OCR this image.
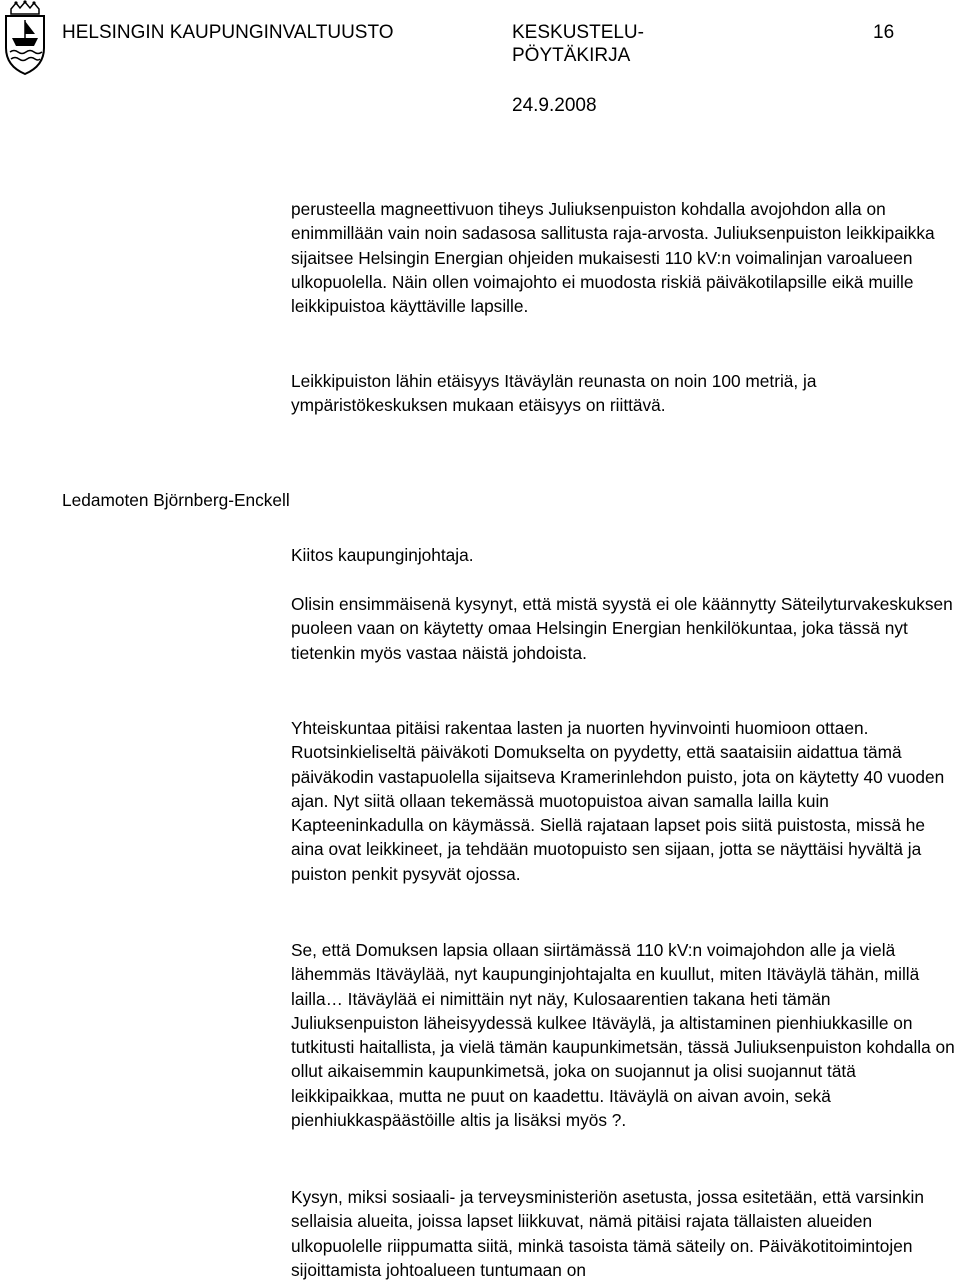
HELSINGIN KAUPUNGINVALTUUSTO	KESKUSTELU-PÖYTÄKIRJA
16
24.9.2008

perusteella magneettivuon tiheys Juliuksenpuiston kohdalla avojohdon alla on enimmillään vain noin sadasosa sallitusta raja-arvosta. Juliuksenpuiston leikkipaikka sijaitsee Helsingin Energian ohjeiden mukaisesti 110 kV:n voimalinjan varoalueen ulkopuolella. Näin ollen voimajohto ei muodosta riskiä päiväkotilapsille eikä muille leikkipuistoa käyttäville lapsille.

Leikkipuiston lähin etäisyys Itäväylän reunasta on noin 100 metriä, ja ympäristökeskuksen mukaan etäisyys on riittävä.

Ledamoten Björnberg-Enckell

Kiitos kaupunginjohtaja.

Olisin ensimmäisenä kysynyt, että mistä syystä ei ole käännytty Säteilyturvakeskuksen puoleen vaan on käytetty omaa Helsingin Energian henkilökuntaa, joka tässä nyt tietenkin myös vastaa näistä johdoista.

Yhteiskuntaa pitäisi rakentaa lasten ja nuorten hyvinvointi huomioon ottaen. Ruotsinkieliseltä päiväkoti Domukselta on pyydetty, että saataisiin aidattua tämä päiväkodin vastapuolella sijaitseva Kramerinlehdon puisto, jota on käytetty 40 vuoden ajan. Nyt siitä ollaan tekemässä muotopuistoa aivan samalla lailla kuin Kapteeninkadulla on käymässä. Siellä rajataan lapset pois siitä puistosta, missä he aina ovat leikkineet, ja tehdään muotopuisto sen sijaan, jotta se näyttäisi hyvältä ja puiston penkit pysyvät ojossa.

Se, että Domuksen lapsia ollaan siirtämässä 110 kV:n voimajohdon alle ja vielä lähemmäs Itäväylää, nyt kaupunginjohtajalta en kuullut, miten Itäväylä tähän, millä lailla… Itäväylää ei nimittäin nyt näy, Kulosaarentien takana heti tämän Juliuksenpuiston läheisyydessä kulkee Itäväylä, ja altistaminen pienhiukkasille on tutkitusti haitallista, ja vielä tämän kaupunkimetsän, tässä Juliuksenpuiston kohdalla on ollut aikaisemmin kaupunkimetsä, joka on suojannut ja olisi suojannut tätä leikkipaikkaa, mutta ne puut on kaadettu. Itäväylä on aivan avoin, sekä pienhiukkaspäästöille altis ja lisäksi myös ?.

Kysyn, miksi sosiaali- ja terveysministeriön asetusta, jossa esitetään, että varsinkin sellaisia alueita, joissa lapset liikkuvat, nämä pitäisi rajata tällaisten alueiden ulkopuolelle riippumatta siitä, minkä tasoista tämä säteily on. Päiväkotitoimintojen sijoittamista johtoalueen tuntumaan on
